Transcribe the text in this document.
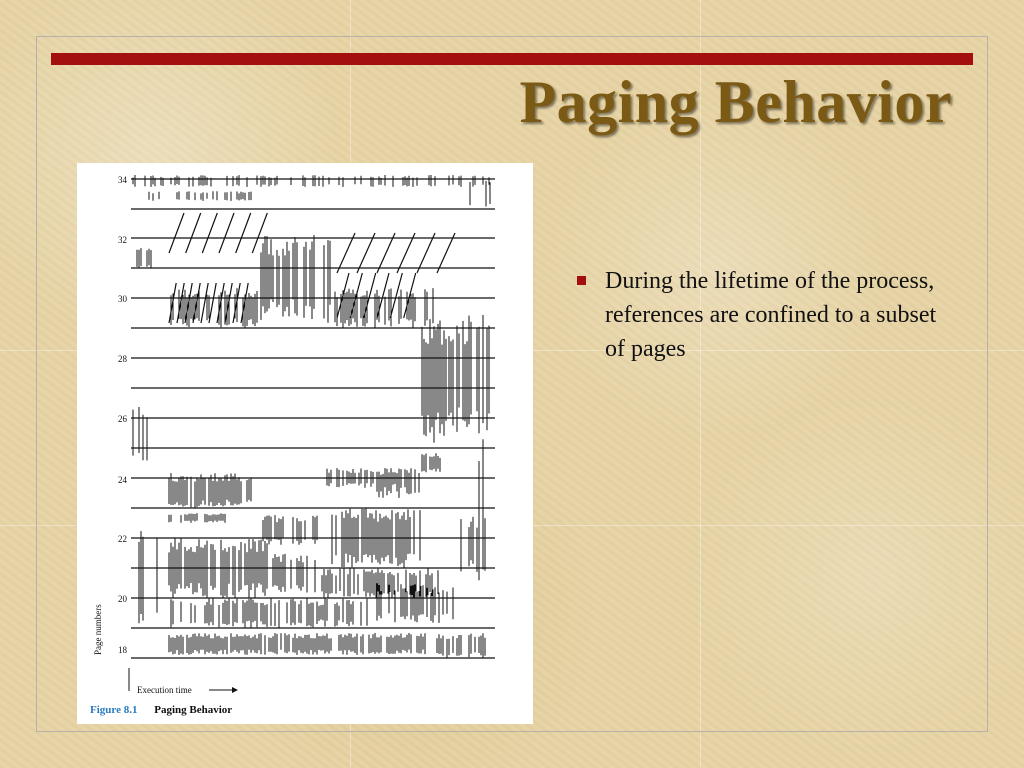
Paging Behavior
34
32
30
28
26
24
22
20
18
Page numbers
Execution time
Figure 8.1 Paging Behavior
During the lifetime of the process, references are confined to a subset of pages
